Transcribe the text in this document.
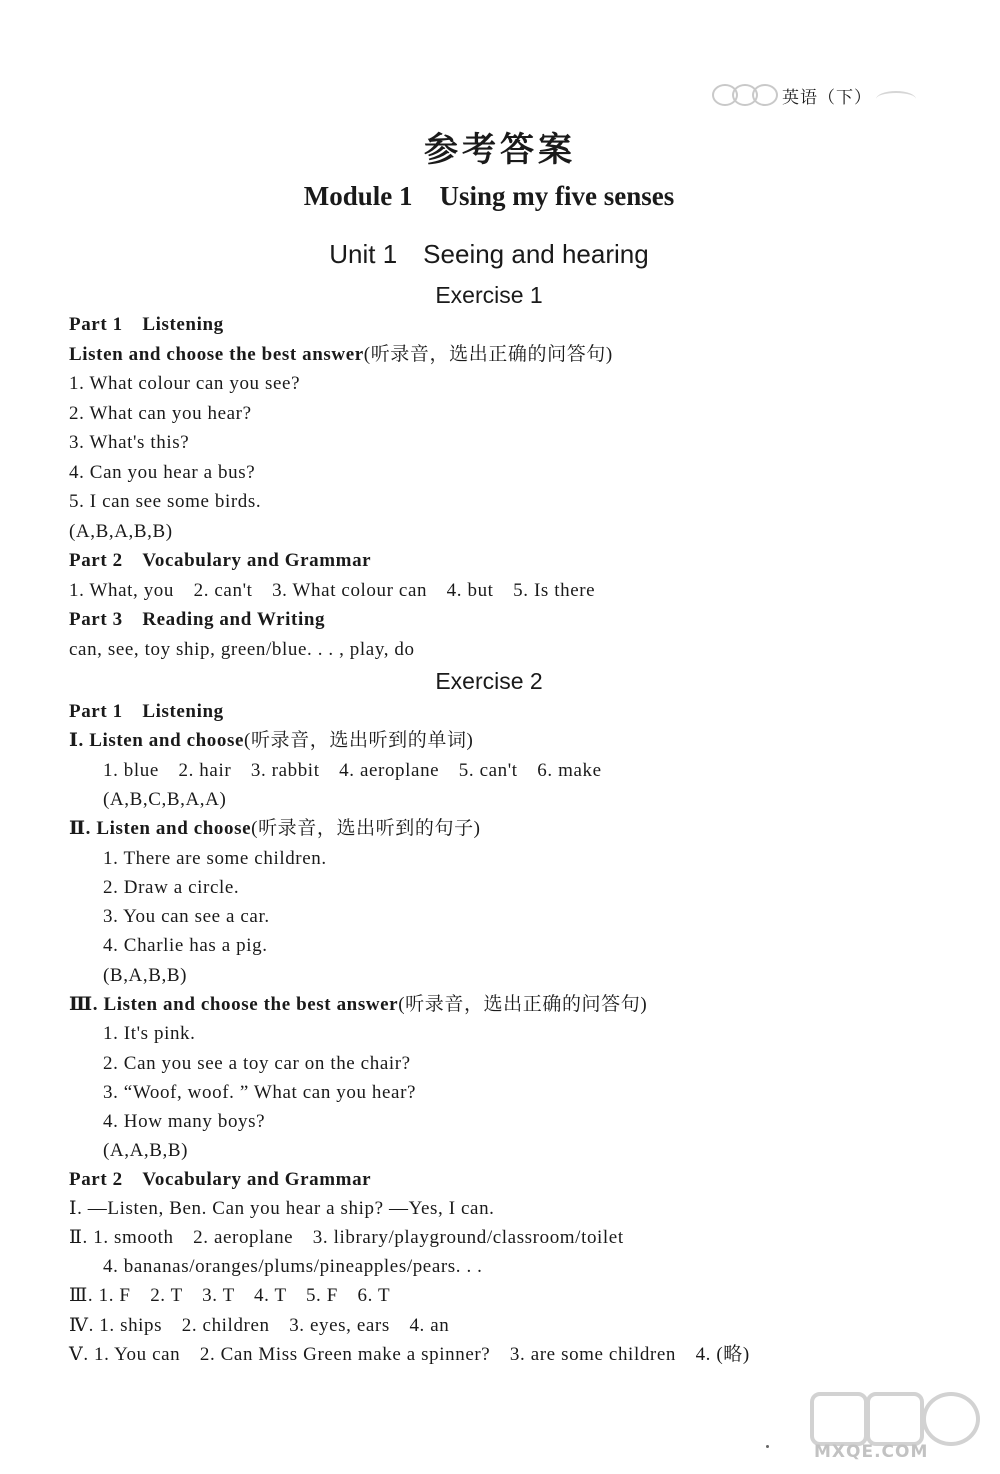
英语（下）
参考答案
Module 1　Using my five senses
Unit 1　Seeing and hearing
Exercise 1
Part 1　Listening
Listen and choose the best answer(听录音，选出正确的问答句)
1. What colour can you see?
2. What can you hear?
3. What's this?
4. Can you hear a bus?
5. I can see some birds.
(A,B,A,B,B)
Part 2　Vocabulary and Grammar
1. What, you　2. can't　3. What colour can　4. but　5. Is there
Part 3　Reading and Writing
can, see, toy ship, green/blue. . . , play, do
Exercise 2
Part 1　Listening
Ⅰ. Listen and choose(听录音，选出听到的单词)
1. blue　2. hair　3. rabbit　4. aeroplane　5. can't　6. make
(A,B,C,B,A,A)
Ⅱ. Listen and choose(听录音，选出听到的句子)
1. There are some children.
2. Draw a circle.
3. You can see a car.
4. Charlie has a pig.
(B,A,B,B)
Ⅲ. Listen and choose the best answer(听录音，选出正确的问答句)
1. It's pink.
2. Can you see a toy car on the chair?
3. “Woof, woof. ” What can you hear?
4. How many boys?
(A,A,B,B)
Part 2　Vocabulary and Grammar
Ⅰ. —Listen, Ben. Can you hear a ship? —Yes, I can.
Ⅱ. 1. smooth　2. aeroplane　3. library/playground/classroom/toilet
4. bananas/oranges/plums/pineapples/pears. . .
Ⅲ. 1. F　2. T　3. T　4. T　5. F　6. T
Ⅳ. 1. ships　2. children　3. eyes, ears　4. an
Ⅴ. 1. You can　2. Can Miss Green make a spinner?　3. are some children　4. (略)
MXQE.COM
